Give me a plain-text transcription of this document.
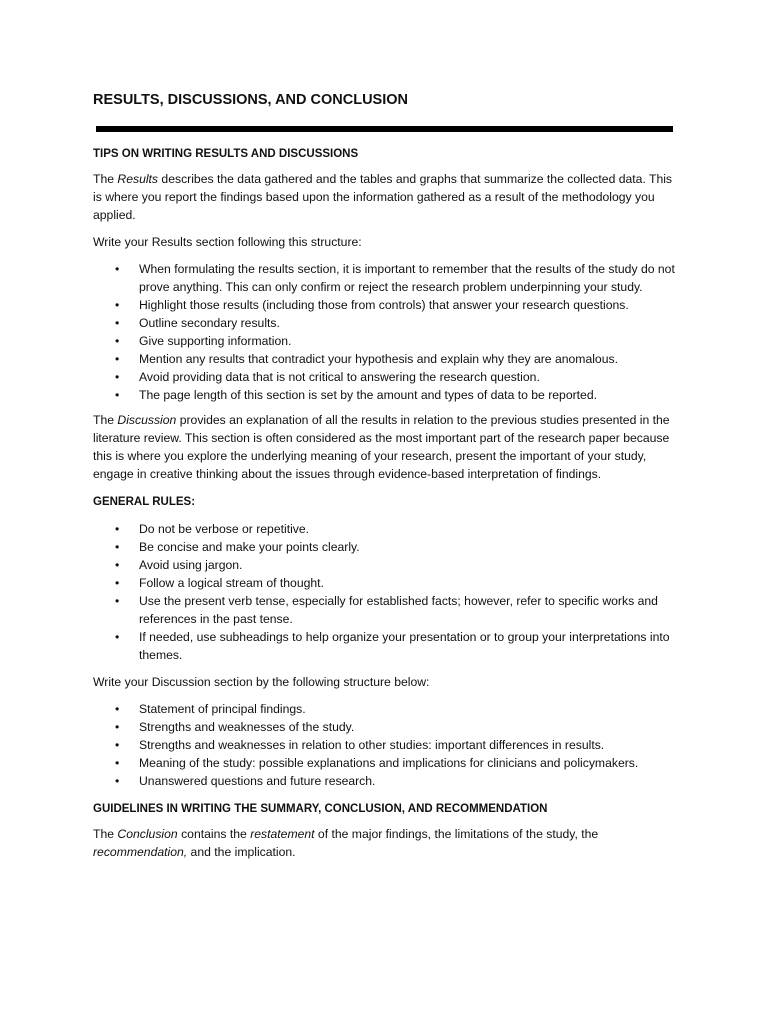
RESULTS, DISCUSSIONS, AND CONCLUSION
TIPS ON WRITING RESULTS AND DISCUSSIONS

The Results describes the data gathered and the tables and graphs that summarize the collected data. This is where you report the findings based upon the information gathered as a result of the methodology you applied.

Write your Results section following this structure:

• When formulating the results section, it is important to remember that the results of the study do not prove anything. This can only confirm or reject the research problem underpinning your study.
• Highlight those results (including those from controls) that answer your research questions.
• Outline secondary results.
• Give supporting information.
• Mention any results that contradict your hypothesis and explain why they are anomalous.
• Avoid providing data that is not critical to answering the research question.
• The page length of this section is set by the amount and types of data to be reported.

The Discussion provides an explanation of all the results in relation to the previous studies presented in the literature review. This section is often considered as the most important part of the research paper because this is where you explore the underlying meaning of your research, present the important of your study, engage in creative thinking about the issues through evidence-based interpretation of findings.

GENERAL RULES:
• Do not be verbose or repetitive.
• Be concise and make your points clearly.
• Avoid using jargon.
• Follow a logical stream of thought.
• Use the present verb tense, especially for established facts; however, refer to specific works and references in the past tense.
• If needed, use subheadings to help organize your presentation or to group your interpretations into themes.

Write your Discussion section by the following structure below:

• Statement of principal findings.
• Strengths and weaknesses of the study.
• Strengths and weaknesses in relation to other studies: important differences in results.
• Meaning of the study: possible explanations and implications for clinicians and policymakers.
• Unanswered questions and future research.
GUIDELINES IN WRITING THE SUMMARY, CONCLUSION, AND RECOMMENDATION

The Conclusion contains the restatement of the major findings, the limitations of the study, the recommendation, and the implication.
